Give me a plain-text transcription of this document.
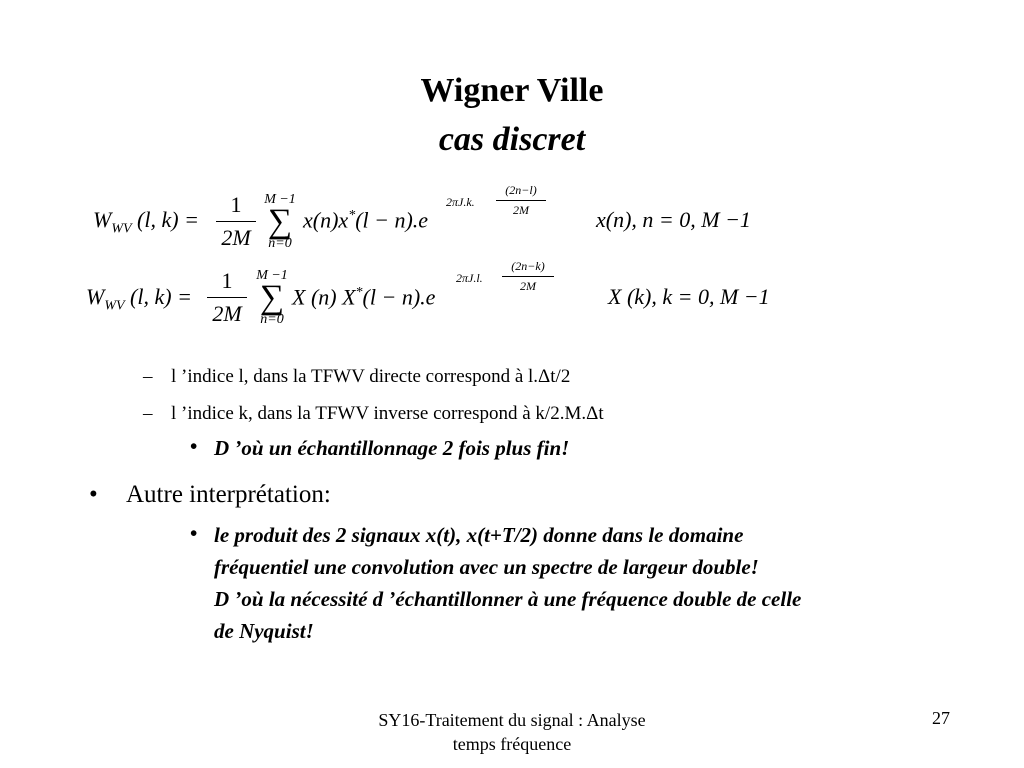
Wigner Ville
cas discret
$W_{WV}$ (l, k) =
1
2M
M −1
∑
n=0
x(n)x*(l − n).e
2πJ.k.
(2n−l)
2M	x(n), n = 0, M −1
$W_{WV}$ (l, k) =
1
2M
M −1
∑
n=0
X (n) X*(l − n).e
2πJ.l.
(2n−k)
2M	X (k), k = 0, M −1
– l ’indice l, dans la TFWV directe correspond à l.Δt/2
– l ’indice k, dans la TFWV inverse correspond à k/2.M.Δt
• D ’où un échantillonnage 2 fois plus fin!
• Autre interprétation:
• le produit des 2 signaux x(t), x(t+T/2) donne dans le domaine
fréquentiel une convolution avec un spectre de largeur double!
D ’où la nécessité d ’échantillonner à une fréquence double de celle
de Nyquist!
SY16-Traitement du signal : Analyse
temps fréquence
27
